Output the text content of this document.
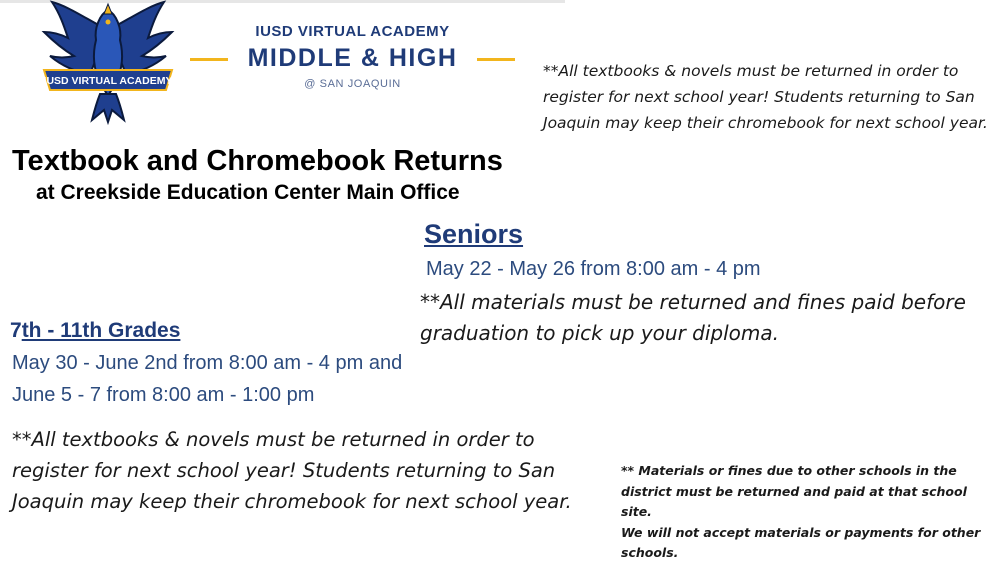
IUSD VIRTUAL ACADEMY
IUSD VIRTUAL ACADEMY
MIDDLE & HIGH
@ SAN JOAQUIN
**All textbooks & novels must be returned in order to
register for next school year! Students returning to San
Joaquin may keep their chromebook for next school year.
Textbook and Chromebook Returns
at Creekside Education Center Main Office
Seniors
May 22 - May 26 from 8:00 am - 4 pm
**All materials must be returned and fines paid before
graduation to pick up your diploma.
7th - 11th Grades
May 30 - June 2nd from 8:00 am - 4 pm and
June 5 - 7 from 8:00 am - 1:00 pm
**All textbooks & novels must be returned in order to
register for next school year! Students returning to San
Joaquin may keep their chromebook for next school year.
** Materials or fines due to other schools in the
district must be returned and paid at that school site.
We will not accept materials or payments for other
schools.
